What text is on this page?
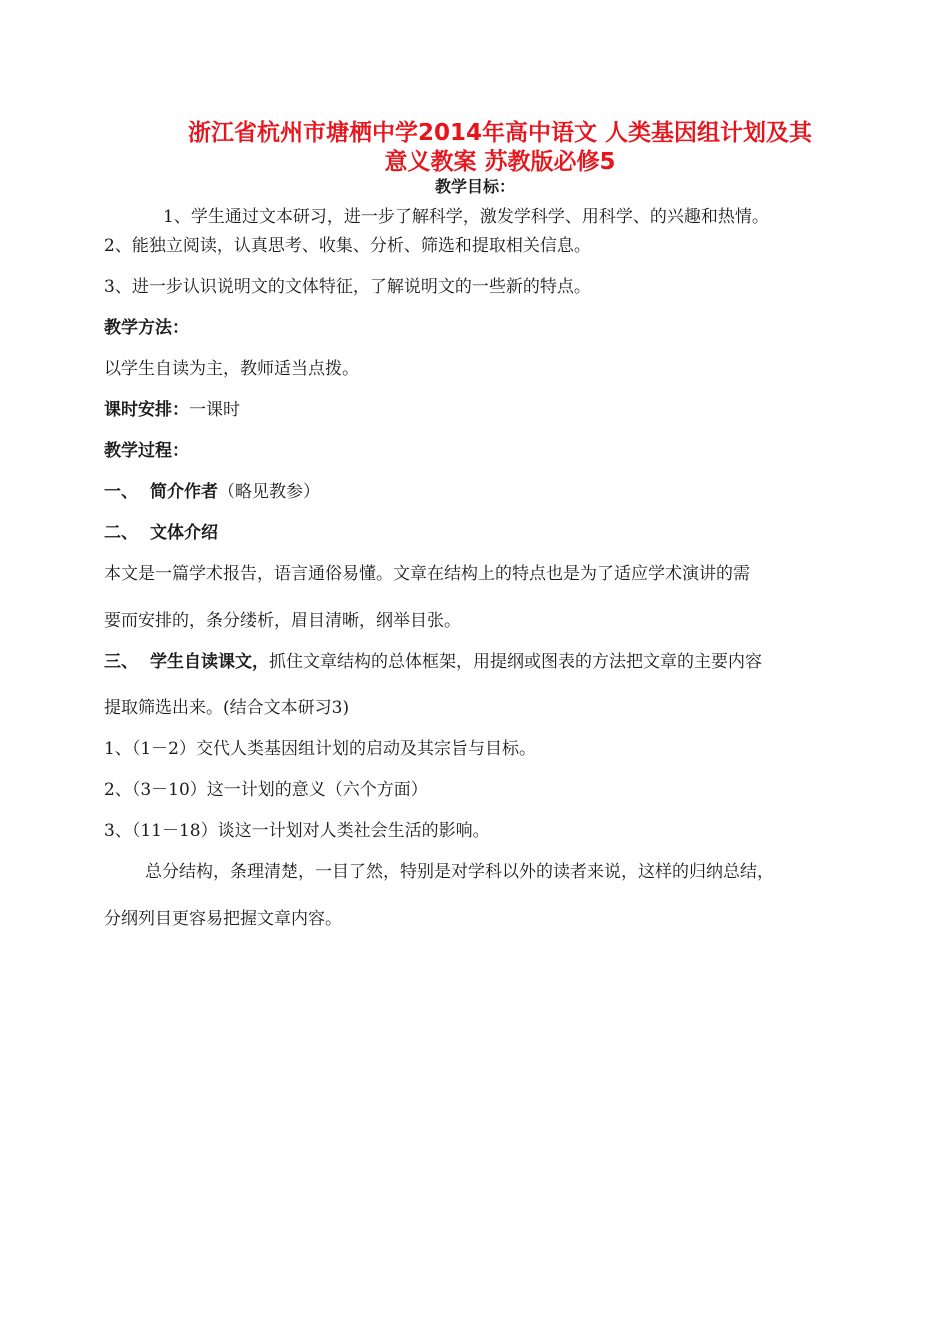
浙江省杭州市塘栖中学2014年高中语文 人类基因组计划及其
意义教案 苏教版必修5
教学目标：
1、学生通过文本研习，进一步了解科学，激发学科学、用科学、的兴趣和热情。
2、能独立阅读，认真思考、收集、分析、筛选和提取相关信息。
3、进一步认识说明文的文体特征，了解说明文的一些新的特点。
教学方法：
以学生自读为主，教师适当点拨。
课时安排：一课时
教学过程：
一、 简介作者（略见教参）
二、 文体介绍
本文是一篇学术报告，语言通俗易懂。文章在结构上的特点也是为了适应学术演讲的需
要而安排的，条分缕析，眉目清晰，纲举目张。
三、 学生自读课文，抓住文章结构的总体框架，用提纲或图表的方法把文章的主要内容
提取筛选出来。(结合文本研习3)
1、（1－2）交代人类基因组计划的启动及其宗旨与目标。
2、（3－10）这一计划的意义（六个方面）
3、（11－18）谈这一计划对人类社会生活的影响。
总分结构，条理清楚，一目了然，特别是对学科以外的读者来说，这样的归纳总结，
分纲列目更容易把握文章内容。
